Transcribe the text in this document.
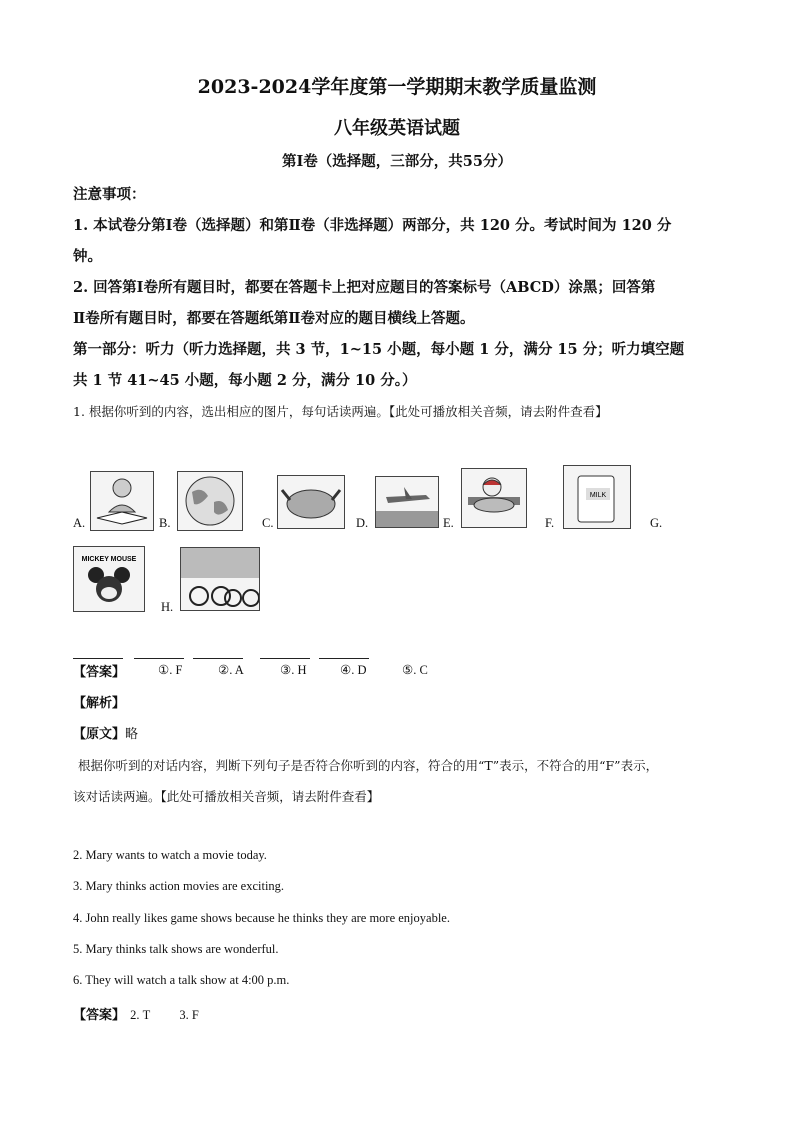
2023-2024学年度第一学期期末教学质量监测
八年级英语试题
第Ⅰ卷（选择题，三部分，共55分）
注意事项：
1. 本试卷分第Ⅰ卷（选择题）和第Ⅱ卷（非选择题）两部分，共 120 分。考试时间为 120 分
钟。
2. 回答第Ⅰ卷所有题目时，都要在答题卡上把对应题目的答案标号（ABCD）涂黑；回答第
Ⅱ卷所有题目时，都要在答题纸第Ⅱ卷对应的题目横线上答题。
第一部分：听力（听力选择题，共 3 节，1~15 小题，每小题 1 分，满分 15 分；听力填空题
共 1 节 41~45 小题，每小题 2 分，满分 10 分。）
1. 根据你听到的内容，选出相应的图片，每句话读两遍。【此处可播放相关音频，请去附件查看】
A.	B.	C.	D.	E.	F.
MILK
G.
MICKEY MOUSE
H.

【答案】	①. F	②. A	③. H	④. D	⑤. C
【解析】
【原文】略
根据你听到的对话内容，判断下列句子是否符合你听到的内容，符合的用“T”表示，不符合的用“F”表示，
该对话读两遍。【此处可播放相关音频，请去附件查看】
2. Mary wants to watch a movie today.
3. Mary thinks action movies are exciting.
4. John really likes game shows because he thinks they are more enjoyable.
5. Mary thinks talk shows are wonderful.
6. They will watch a talk show at 4:00 p.m.
【答案】 2. T 3. F
